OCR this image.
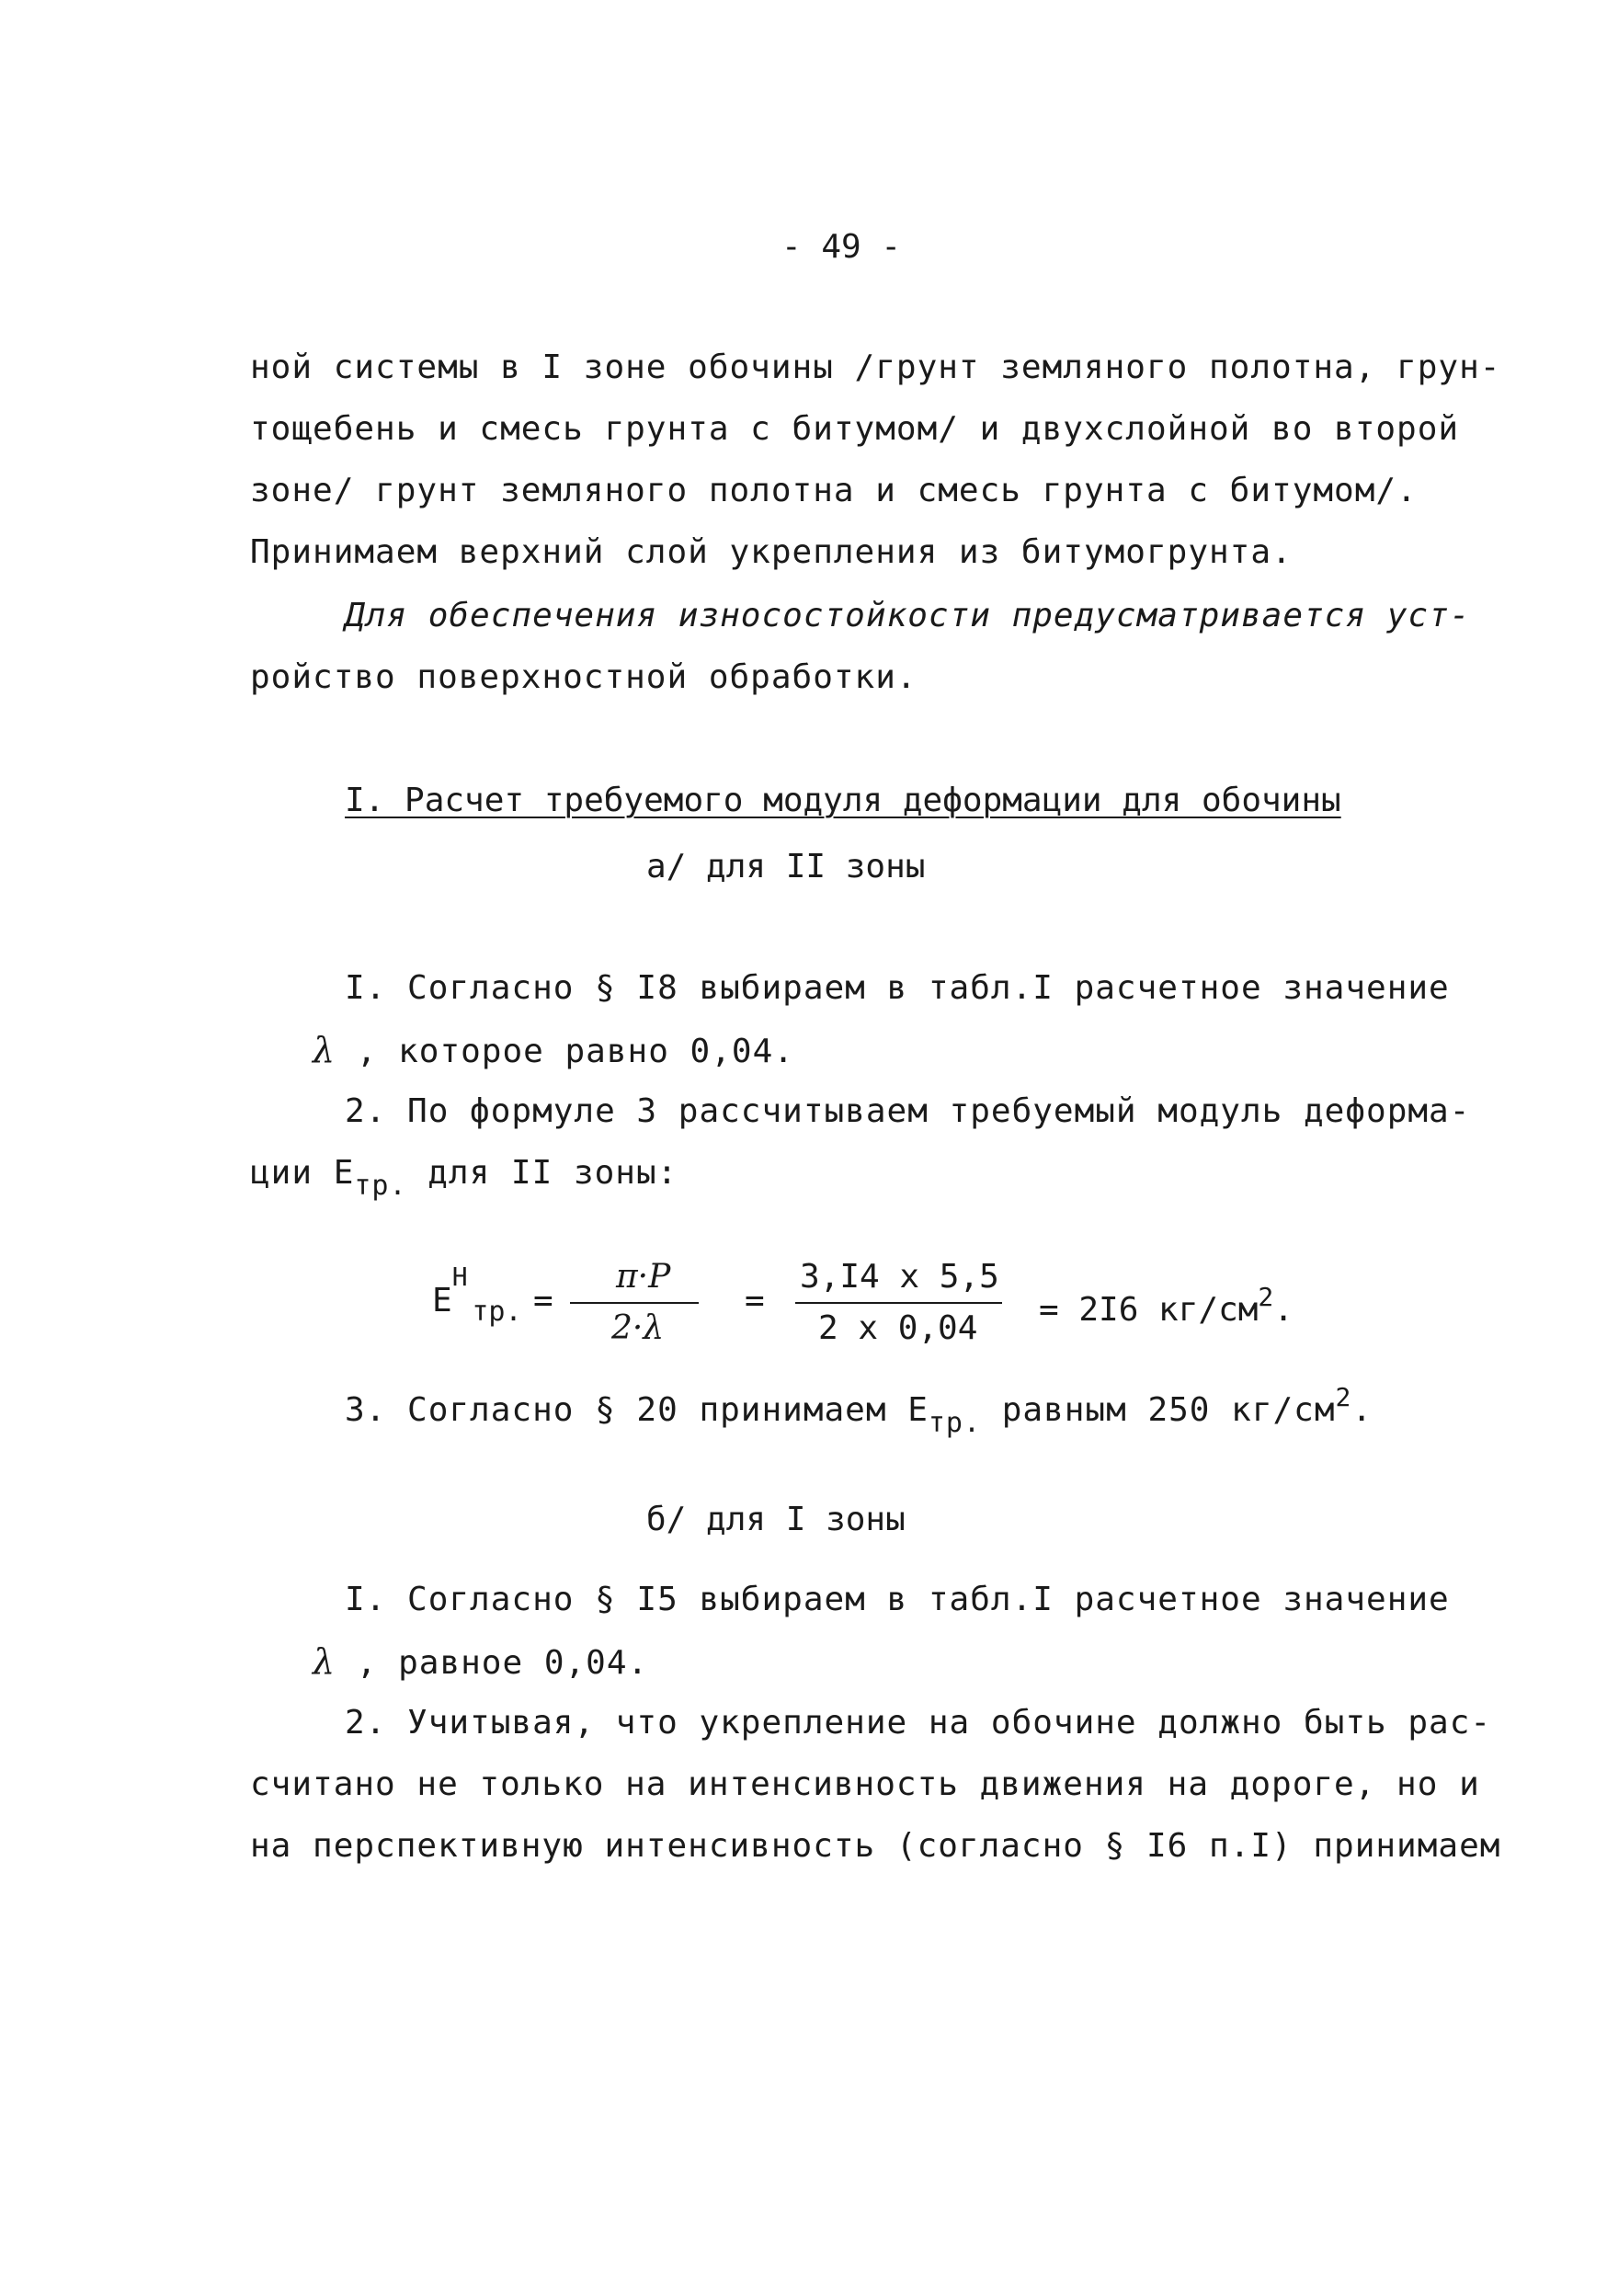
- 49 -
ной системы в I зоне обочины /грунт земляного полотна, грун-
тощебень и смесь грунта с битумом/ и двухслойной во второй
зоне/ грунт земляного полотна и смесь грунта с битумом/.
Принимаем верхний слой укрепления из битумогрунта.
Для обеспечения износостойкости предусматривается уст-
ройство поверхностной обработки.
I. Расчет требуемого модуля деформации для обочины
а/ для II зоны
I. Согласно § I8 выбираем в табл.I расчетное значение
λ , которое равно 0,04.
2. По формуле 3 рассчитываем требуемый модуль деформа-
ции $Е_{тр.}$ для II зоны:
Е
Н
$_{тр.}$ =
π·Р
2·λ
=
3,I4 х 5,5
2 х 0,04 = 2I6 $кг/см^2$.
3. Согласно § 20 принимаем $Е_{тр.}$ равным 250 $кг/см^2$.
б/ для I зоны
I. Согласно § I5 выбираем в табл.I расчетное значение
λ , равное 0,04.
2. Учитывая, что укрепление на обочине должно быть рас-
считано не только на интенсивность движения на дороге, но и
на перспективную интенсивность (согласно § I6 п.I) принимаем
